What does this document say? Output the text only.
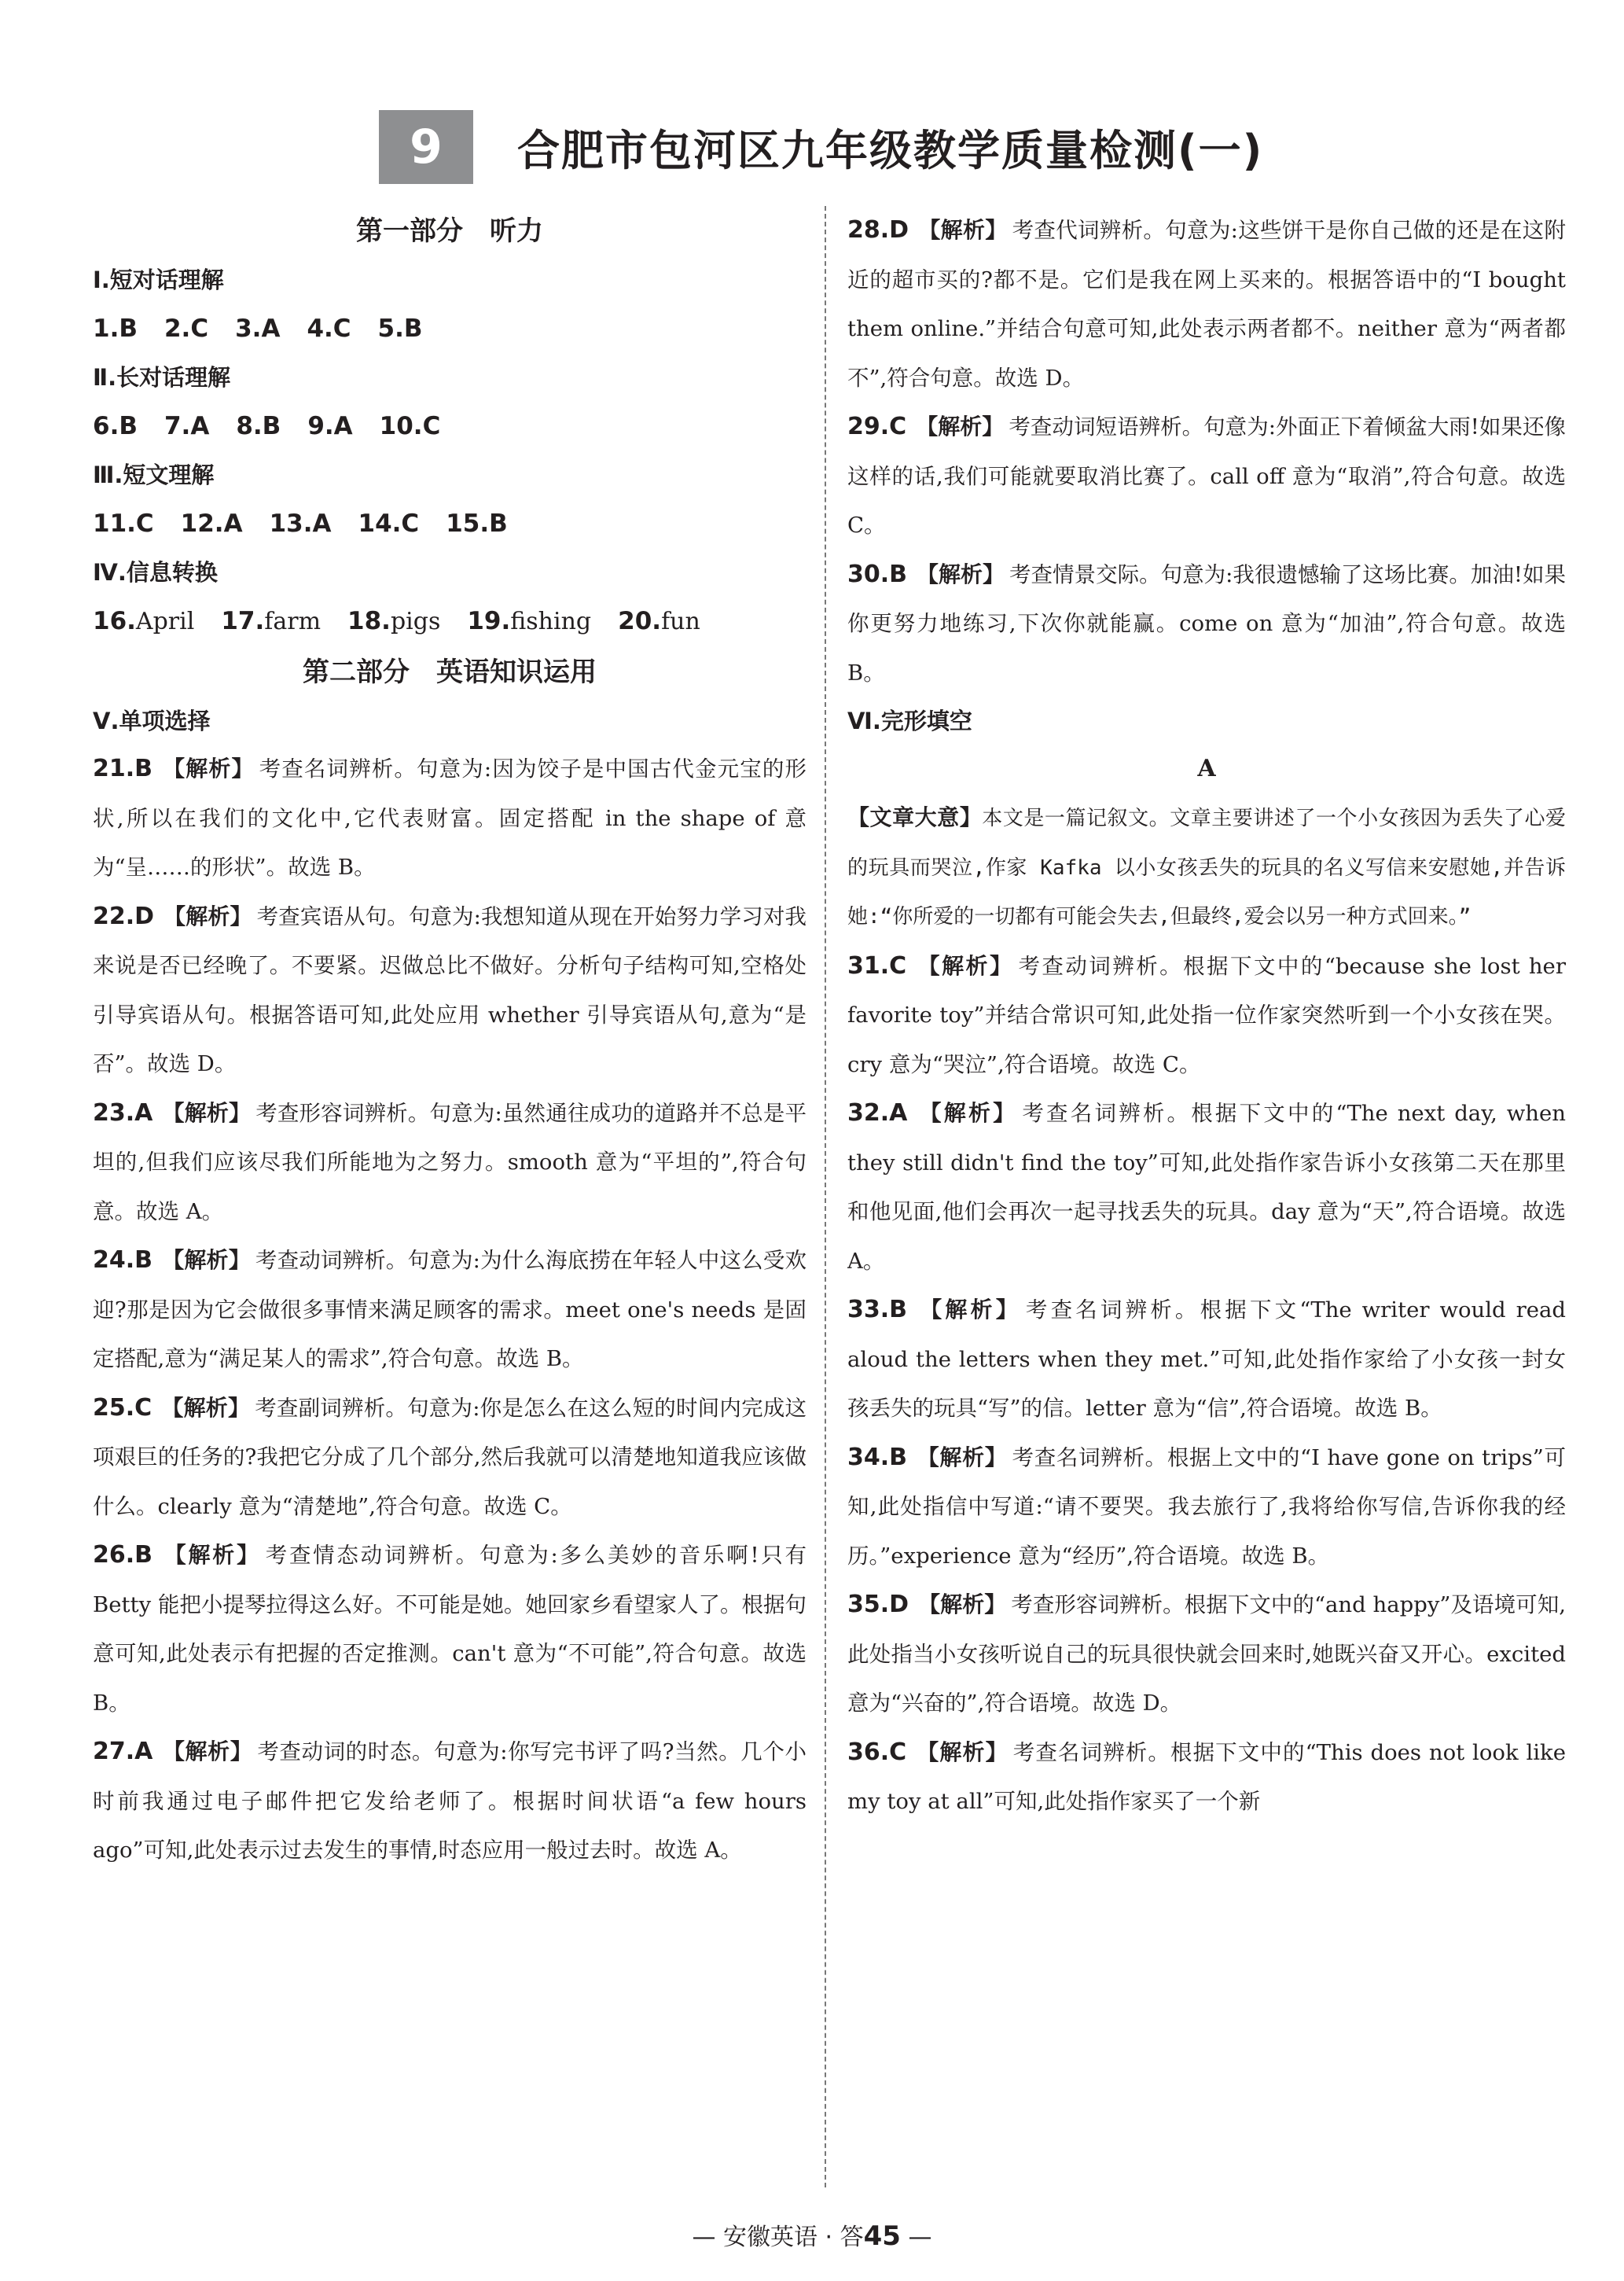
9	合肥市包河区九年级教学质量检测(一)
第一部分　听力
Ⅰ.短对话理解
1.B 2.C 3.A 4.C 5.B
Ⅱ.长对话理解
6.B 7.A 8.B 9.A 10.C
Ⅲ.短文理解
11.C 12.A 13.A 14.C 15.B
Ⅳ.信息转换
16.April 17.farm 18.pigs 19.fishing 20.fun
第二部分　英语知识运用
Ⅴ.单项选择

21.B 【解析】 考查名词辨析。句意为:因为饺子是中国古代金元宝的形状,所以在我们的文化中,它代表财富。固定搭配 in the shape of 意为“呈……的形状”。故选 B。

22.D 【解析】 考查宾语从句。句意为:我想知道从现在开始努力学习对我来说是否已经晚了。不要紧。迟做总比不做好。分析句子结构可知,空格处引导宾语从句。根据答语可知,此处应用 whether 引导宾语从句,意为“是否”。故选 D。

23.A 【解析】 考查形容词辨析。句意为:虽然通往成功的道路并不总是平坦的,但我们应该尽我们所能地为之努力。smooth 意为“平坦的”,符合句意。故选 A。

24.B 【解析】 考查动词辨析。句意为:为什么海底捞在年轻人中这么受欢迎?那是因为它会做很多事情来满足顾客的需求。meet one's needs 是固定搭配,意为“满足某人的需求”,符合句意。故选 B。

25.C 【解析】 考查副词辨析。句意为:你是怎么在这么短的时间内完成这项艰巨的任务的?我把它分成了几个部分,然后我就可以清楚地知道我应该做什么。clearly 意为“清楚地”,符合句意。故选 C。

26.B 【解析】 考查情态动词辨析。句意为:多么美妙的音乐啊!只有 Betty 能把小提琴拉得这么好。不可能是她。她回家乡看望家人了。根据句意可知,此处表示有把握的否定推测。can't 意为“不可能”,符合句意。故选 B。

27.A 【解析】 考查动词的时态。句意为:你写完书评了吗?当然。几个小时前我通过电子邮件把它发给老师了。根据时间状语“a few hours ago”可知,此处表示过去发生的事情,时态应用一般过去时。故选 A。

28.D 【解析】 考查代词辨析。句意为:这些饼干是你自己做的还是在这附近的超市买的?都不是。它们是我在网上买来的。根据答语中的“I bought them online.”并结合句意可知,此处表示两者都不。neither 意为“两者都不”,符合句意。故选 D。

29.C 【解析】 考查动词短语辨析。句意为:外面正下着倾盆大雨!如果还像这样的话,我们可能就要取消比赛了。call off 意为“取消”,符合句意。故选 C。

30.B 【解析】 考查情景交际。句意为:我很遗憾输了这场比赛。加油!如果你更努力地练习,下次你就能赢。come on 意为“加油”,符合句意。故选 B。

Ⅵ.完形填空
A

【文章大意】本文是一篇记叙文。文章主要讲述了一个小女孩因为丢失了心爱的玩具而哭泣,作家 Kafka 以小女孩丢失的玩具的名义写信来安慰她,并告诉她:“你所爱的一切都有可能会失去,但最终,爱会以另一种方式回来。”

31.C 【解析】 考查动词辨析。根据下文中的“because she lost her favorite toy”并结合常识可知,此处指一位作家突然听到一个小女孩在哭。cry 意为“哭泣”,符合语境。故选 C。

32.A 【解析】 考查名词辨析。根据下文中的“The next day, when they still didn't find the toy”可知,此处指作家告诉小女孩第二天在那里和他见面,他们会再次一起寻找丢失的玩具。day 意为“天”,符合语境。故选 A。

33.B 【解析】 考查名词辨析。根据下文“The writer would read aloud the letters when they met.”可知,此处指作家给了小女孩一封女孩丢失的玩具“写”的信。letter 意为“信”,符合语境。故选 B。

34.B 【解析】 考查名词辨析。根据上文中的“I have gone on trips”可知,此处指信中写道:“请不要哭。我去旅行了,我将给你写信,告诉你我的经历。”experience 意为“经历”,符合语境。故选 B。

35.D 【解析】 考查形容词辨析。根据下文中的“and happy”及语境可知,此处指当小女孩听说自己的玩具很快就会回来时,她既兴奋又开心。excited 意为“兴奋的”,符合语境。故选 D。

36.C 【解析】 考查名词辨析。根据下文中的“This does not look like my toy at all”可知,此处指作家买了一个新

— 安徽英语 · 答45 —
